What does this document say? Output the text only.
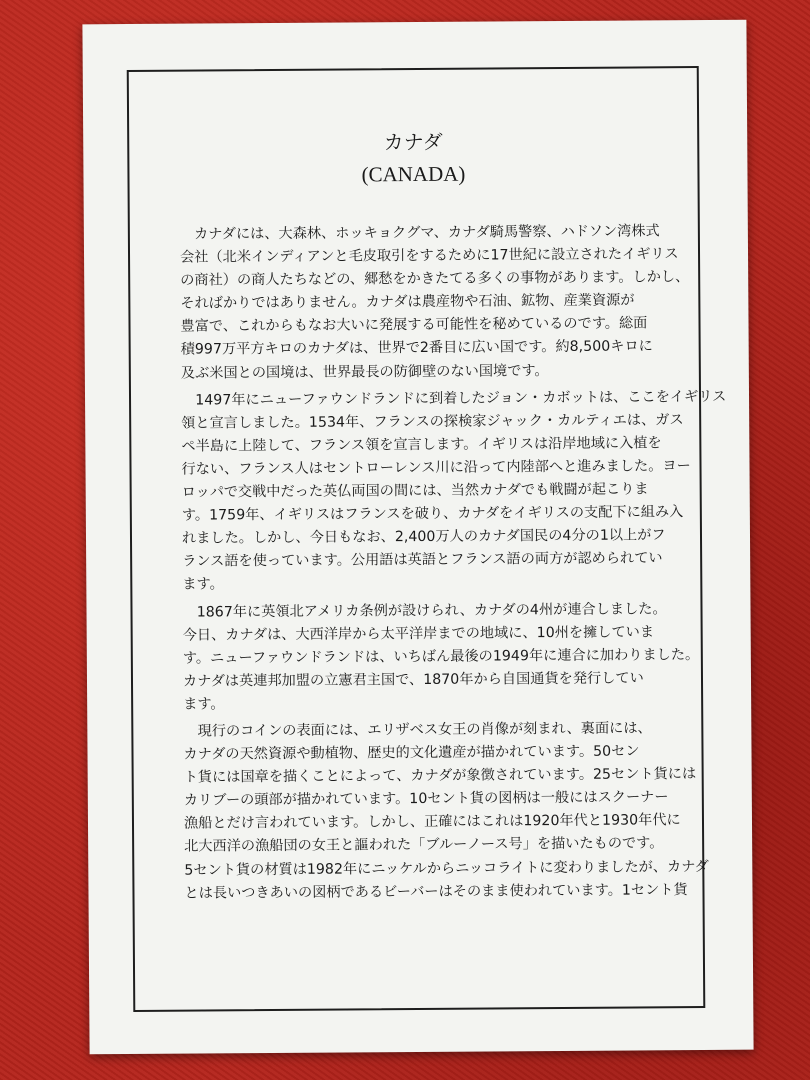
カナダ
(CANADA)
　カナダには、大森林、ホッキョクグマ、カナダ騎馬警察、ハドソン湾株式
会社（北米インディアンと毛皮取引をするために17世紀に設立されたイギリス
の商社）の商人たちなどの、郷愁をかきたてる多くの事物があります。しかし、
そればかりではありません。カナダは農産物や石油、鉱物、産業資源が
豊富で、これからもなお大いに発展する可能性を秘めているのです。総面
積997万平方キロのカナダは、世界で2番目に広い国です。約8,500キロに
及ぶ米国との国境は、世界最長の防御壁のない国境です。
　1497年にニューファウンドランドに到着したジョン・カボットは、ここをイギリス
領と宣言しました。1534年、フランスの探検家ジャック・カルティエは、ガス
ペ半島に上陸して、フランス領を宣言します。イギリスは沿岸地域に入植を
行ない、フランス人はセントローレンス川に沿って内陸部へと進みました。ヨー
ロッパで交戦中だった英仏両国の間には、当然カナダでも戦闘が起こりま
す。1759年、イギリスはフランスを破り、カナダをイギリスの支配下に組み入
れました。しかし、今日もなお、2,400万人のカナダ国民の4分の1以上がフ
ランス語を使っています。公用語は英語とフランス語の両方が認められてい
ます。
　1867年に英領北アメリカ条例が設けられ、カナダの4州が連合しました。
今日、カナダは、大西洋岸から太平洋岸までの地域に、10州を擁していま
す。ニューファウンドランドは、いちばん最後の1949年に連合に加わりました。
カナダは英連邦加盟の立憲君主国で、1870年から自国通貨を発行してい
ます。
　現行のコインの表面には、エリザベス女王の肖像が刻まれ、裏面には、
カナダの天然資源や動植物、歴史的文化遺産が描かれています。50セン
ト貨には国章を描くことによって、カナダが象徴されています。25セント貨には
カリブーの頭部が描かれています。10セント貨の図柄は一般にはスクーナー
漁船とだけ言われています。しかし、正確にはこれは1920年代と1930年代に
北大西洋の漁船団の女王と謳われた「ブルーノース号」を描いたものです。
5セント貨の材質は1982年にニッケルからニッコライトに変わりましたが、カナダ
とは長いつきあいの図柄であるビーバーはそのまま使われています。1セント貨
